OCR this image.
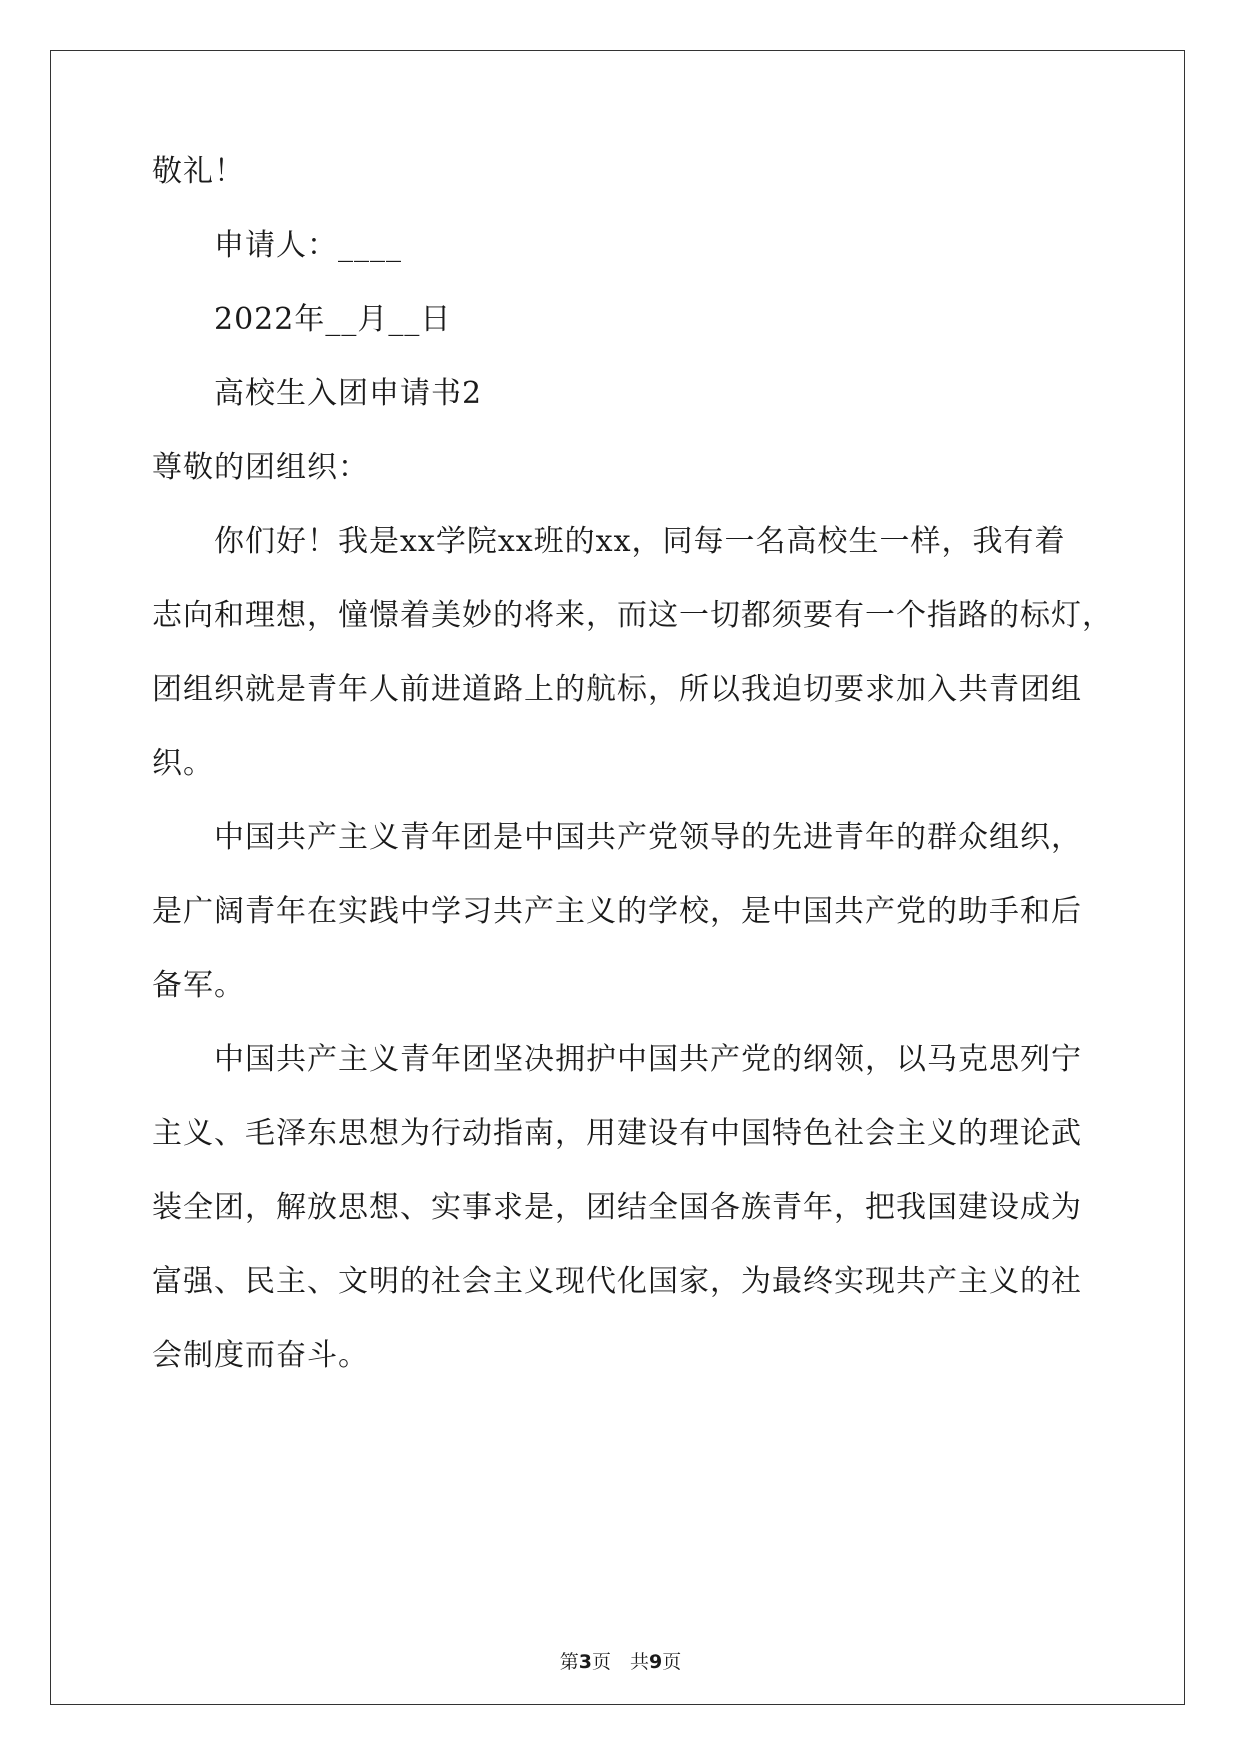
敬礼！
申请人：____
2022年__月__日
高校生入团申请书2
尊敬的团组织：
你们好！我是xx学院xx班的xx，同每一名高校生一样，我有着
志向和理想，憧憬着美妙的将来，而这一切都须要有一个指路的标灯，
团组织就是青年人前进道路上的航标，所以我迫切要求加入共青团组
织。
中国共产主义青年团是中国共产党领导的先进青年的群众组织，
是广阔青年在实践中学习共产主义的学校，是中国共产党的助手和后
备军。
中国共产主义青年团坚决拥护中国共产党的纲领，以马克思列宁
主义、毛泽东思想为行动指南，用建设有中国特色社会主义的理论武
装全团，解放思想、实事求是，团结全国各族青年，把我国建设成为
富强、民主、文明的社会主义现代化国家，为最终实现共产主义的社
会制度而奋斗。
第3页　共9页
